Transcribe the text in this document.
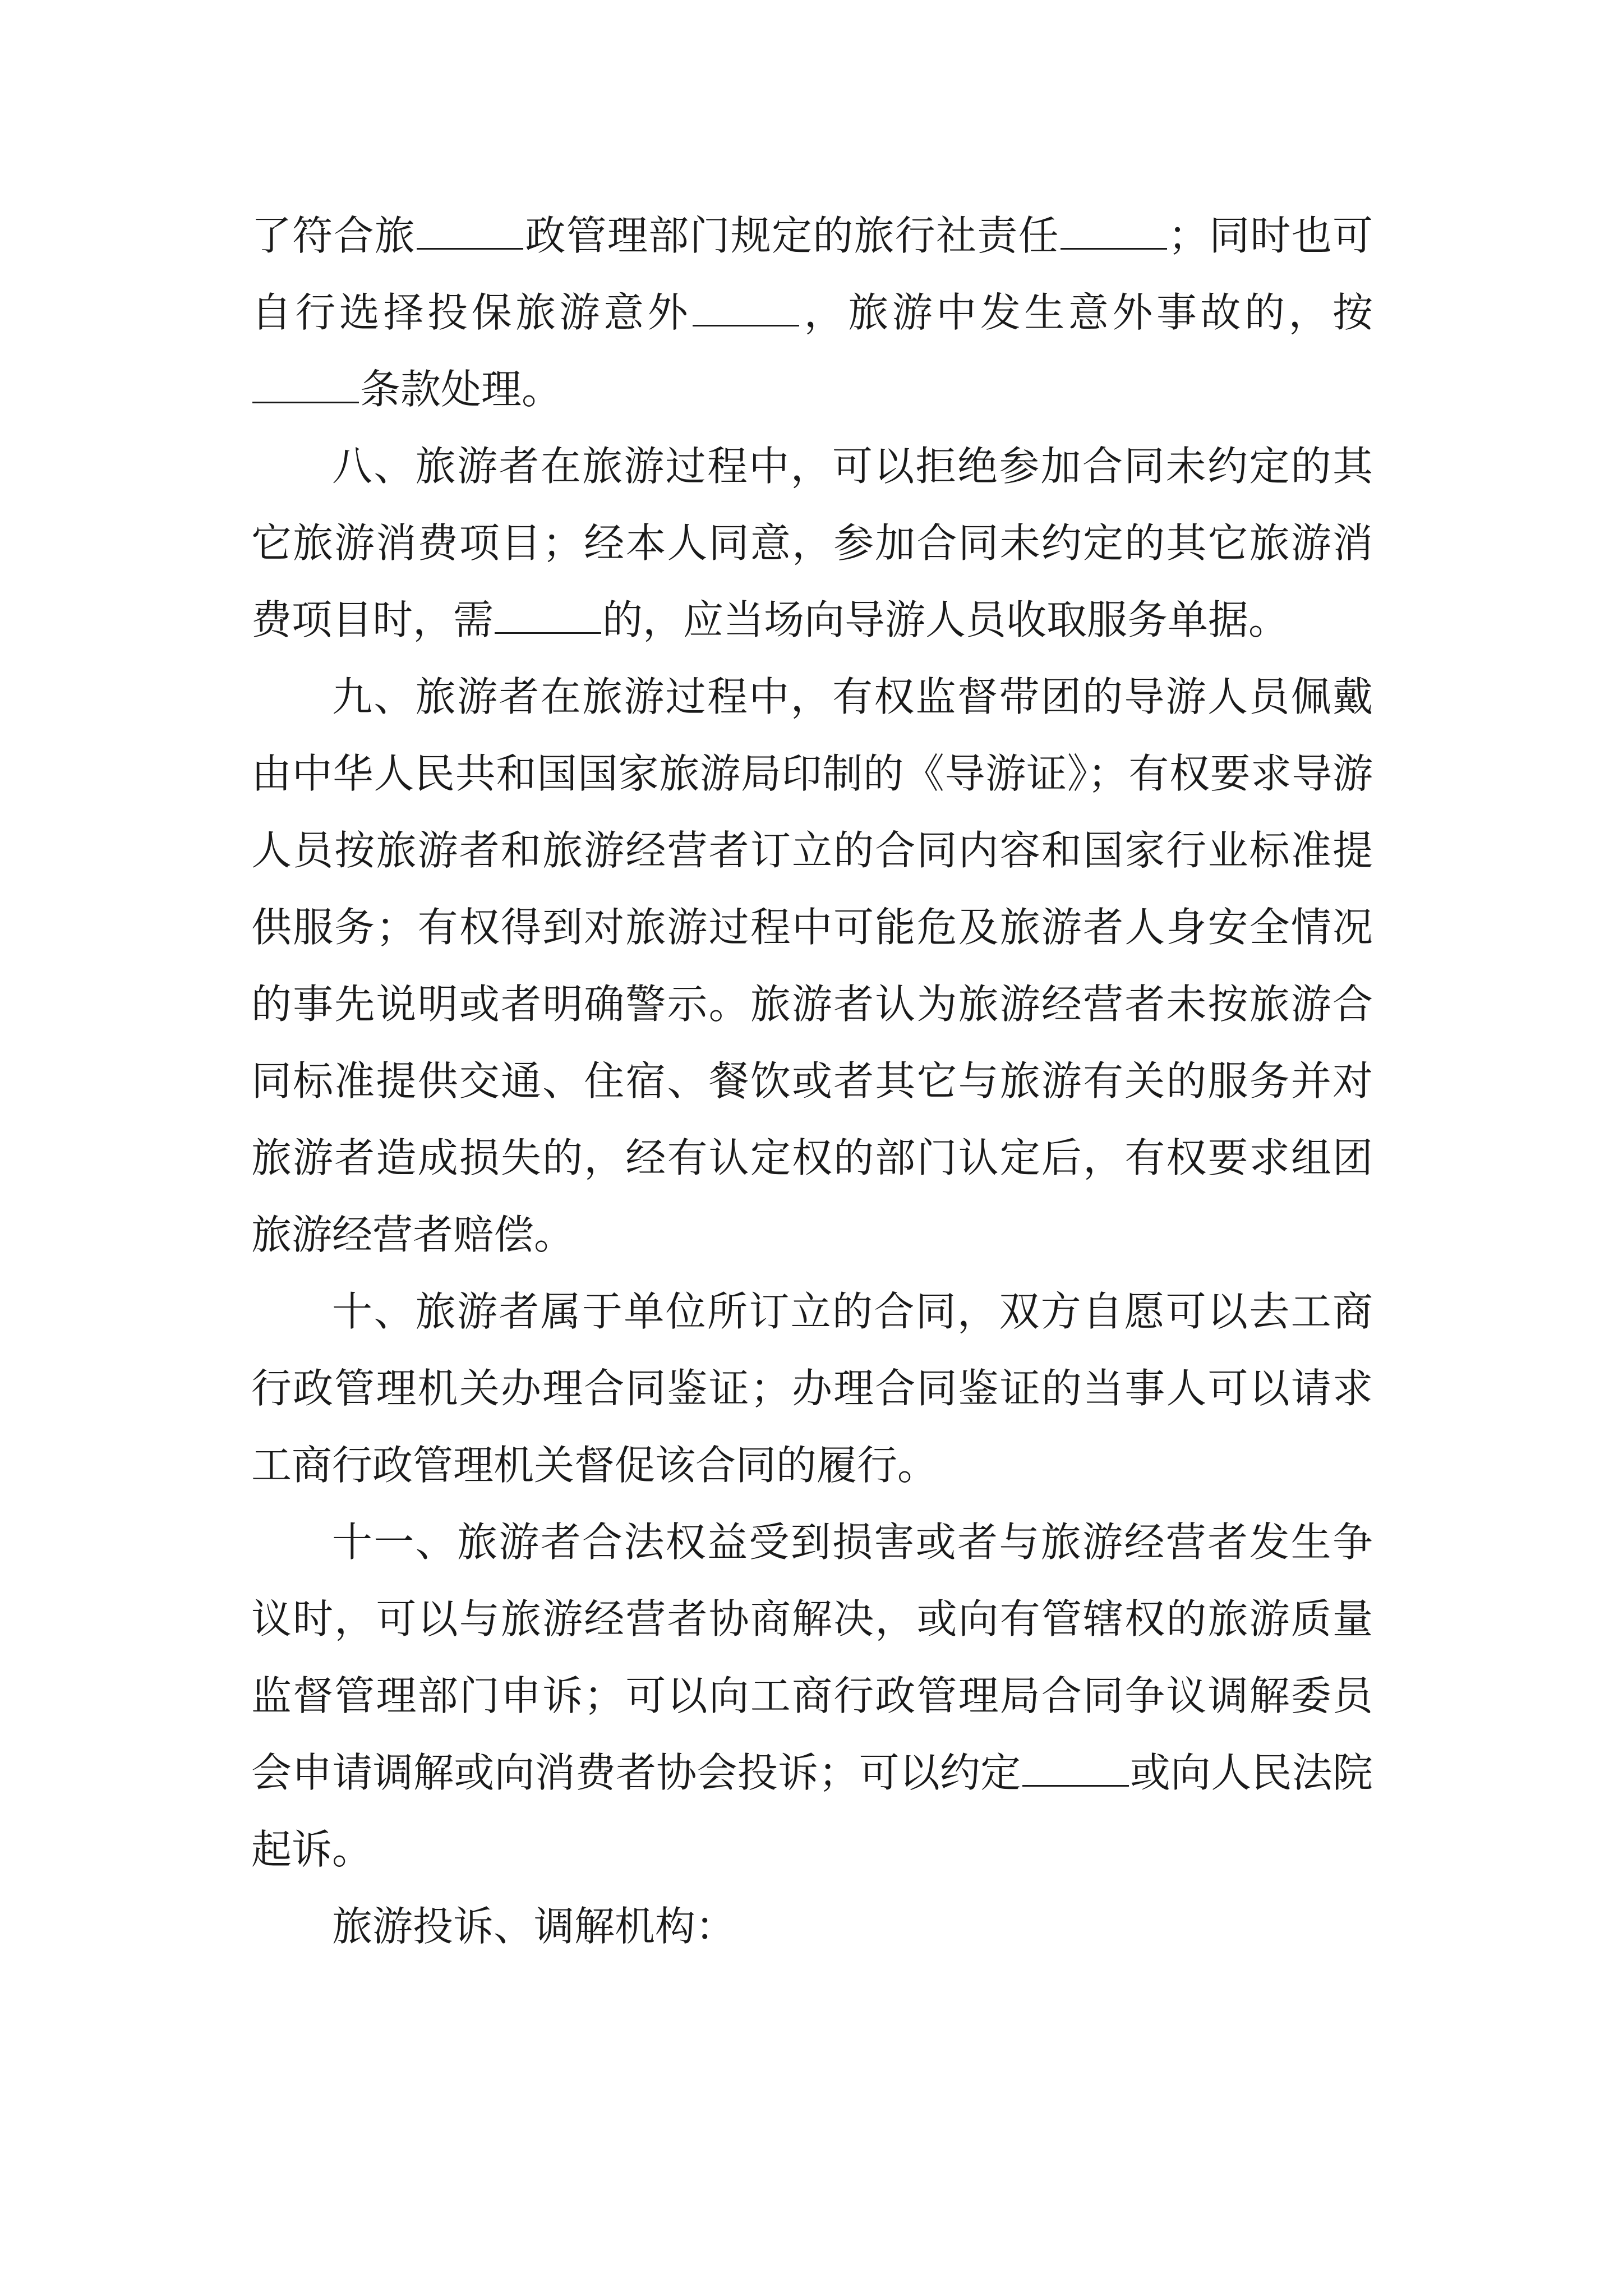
了符合旅	政管理部门规定的旅行社责任	；同时也可自行选择投保旅游意外	，旅游中发生意外事故的，按条款处理。

八、旅游者在旅游过程中，可以拒绝参加合同未约定的其它旅游消费项目；经本人同意，参加合同未约定的其它旅游消费项目时，需	的，应当场向导游人员收取服务单据。

九、旅游者在旅游过程中，有权监督带团的导游人员佩戴由中华人民共和国国家旅游局印制的《导游证》；有权要求导游人员按旅游者和旅游经营者订立的合同内容和国家行业标准提供服务；有权得到对旅游过程中可能危及旅游者人身安全情况的事先说明或者明确警示。旅游者认为旅游经营者未按旅游合同标准提供交通、住宿、餐饮或者其它与旅游有关的服务并对旅游者造成损失的，经有认定权的部门认定后，有权要求组团旅游经营者赔偿。

十、旅游者属于单位所订立的合同，双方自愿可以去工商行政管理机关办理合同鉴证；办理合同鉴证的当事人可以请求工商行政管理机关督促该合同的履行。

十一、旅游者合法权益受到损害或者与旅游经营者发生争议时，可以与旅游经营者协商解决，或向有管辖权的旅游质量监督管理部门申诉；可以向工商行政管理局合同争议调解委员会申请调解或向消费者协会投诉；可以约定	或向人民法院起诉。

旅游投诉、调解机构：
